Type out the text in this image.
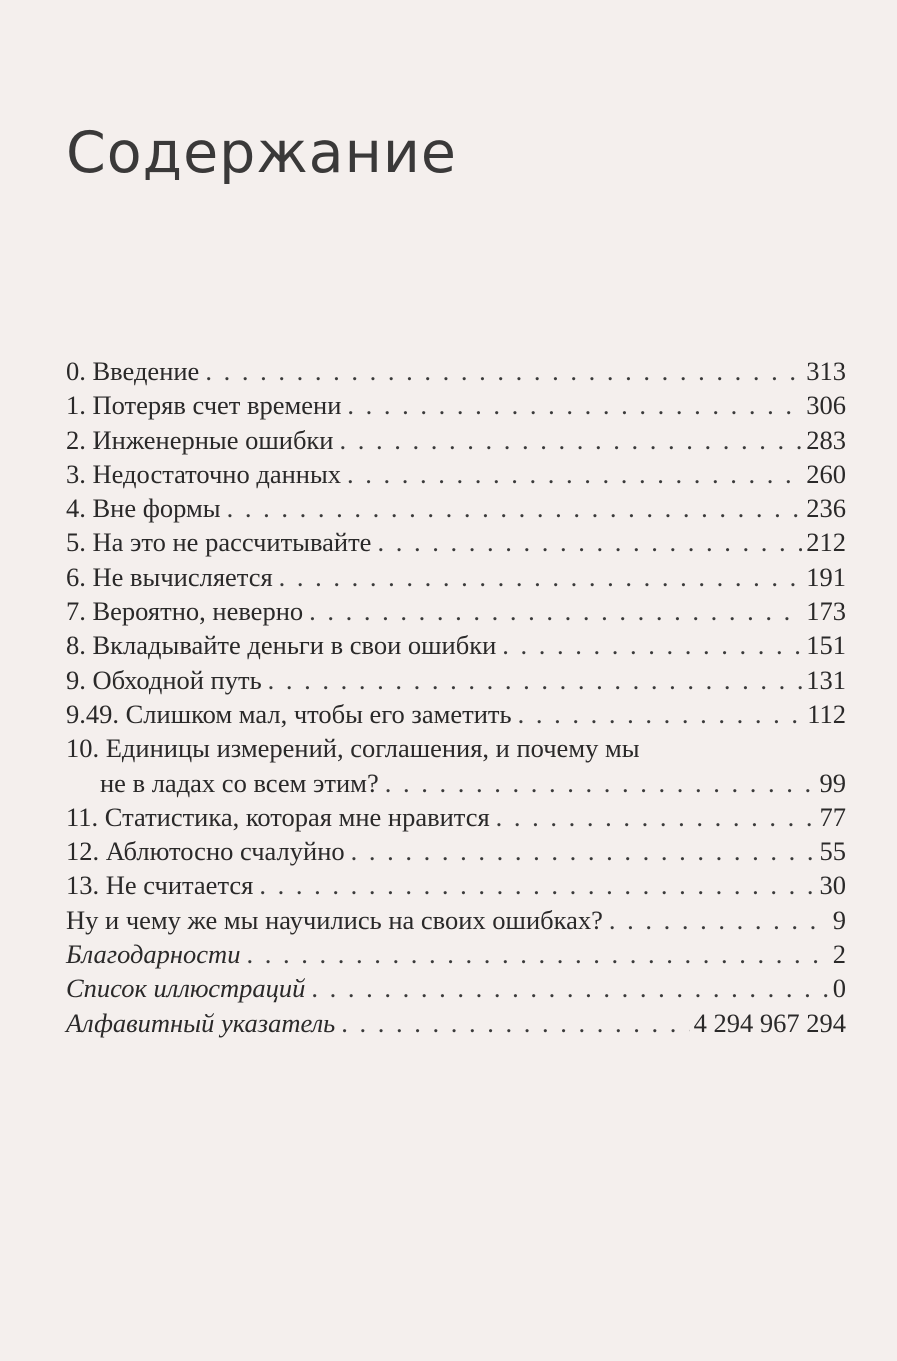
Содержание
0. Введение . . .	313
1. Потеряв счет времени . . .	306
2. Инженерные ошибки . . .	283
3. Недостаточно данных . . .	260
4. Вне формы . . .	236
5. На это не рассчитывайте . . .	212
6. Не вычисляется . . .	191
7. Вероятно, неверно . . .	173
8. Вкладывайте деньги в свои ошибки . . .	151
9. Обходной путь . . .	131
9.49. Слишком мал, чтобы его заметить . . .	112
10. Единицы измерений, соглашения, и почему мы
не в ладах со всем этим? . . .	99
11. Статистика, которая мне нравится . . .	77
12. Аблютосно счалуйно . . .	55
13. Не считается . . .	30
Ну и чему же мы научились на своих ошибках? . . .	9
Благодарности . . .	2
Список иллюстраций . . .	0
Алфавитный указатель . . .	4 294 967 294
